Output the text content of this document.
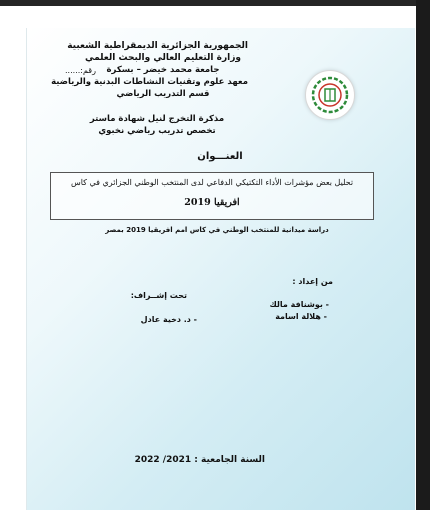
الجمهورية الجزائرية الديمقراطية الشعبية
وزارة التعليم العالي والبحث العلمي
جامعة محمد خيضر – بسكرة
معهد علوم وتقنيات النشاطات البدنية والرياضية
قسم التدريب الرياضي
رقم:......
مذكرة التخرج لنيل شهادة ماستر
تخصص تدريب رياضي نخبوي
العنـــوان
تحليل بعض مؤشرات الأداء التكتيكي الدفاعي لدى المنتخب الوطني الجزائري في كاس
افريقيا 2019
دراسة ميدانية للمنتخب الوطني في كاس امم افريقيا 2019 بمصر
من إعداد :
- بوشنافة مالك
- هلالة اسامة
تحت إشــراف:
- د. دخية عادل
السنة الجامعية : 2021/ 2022
